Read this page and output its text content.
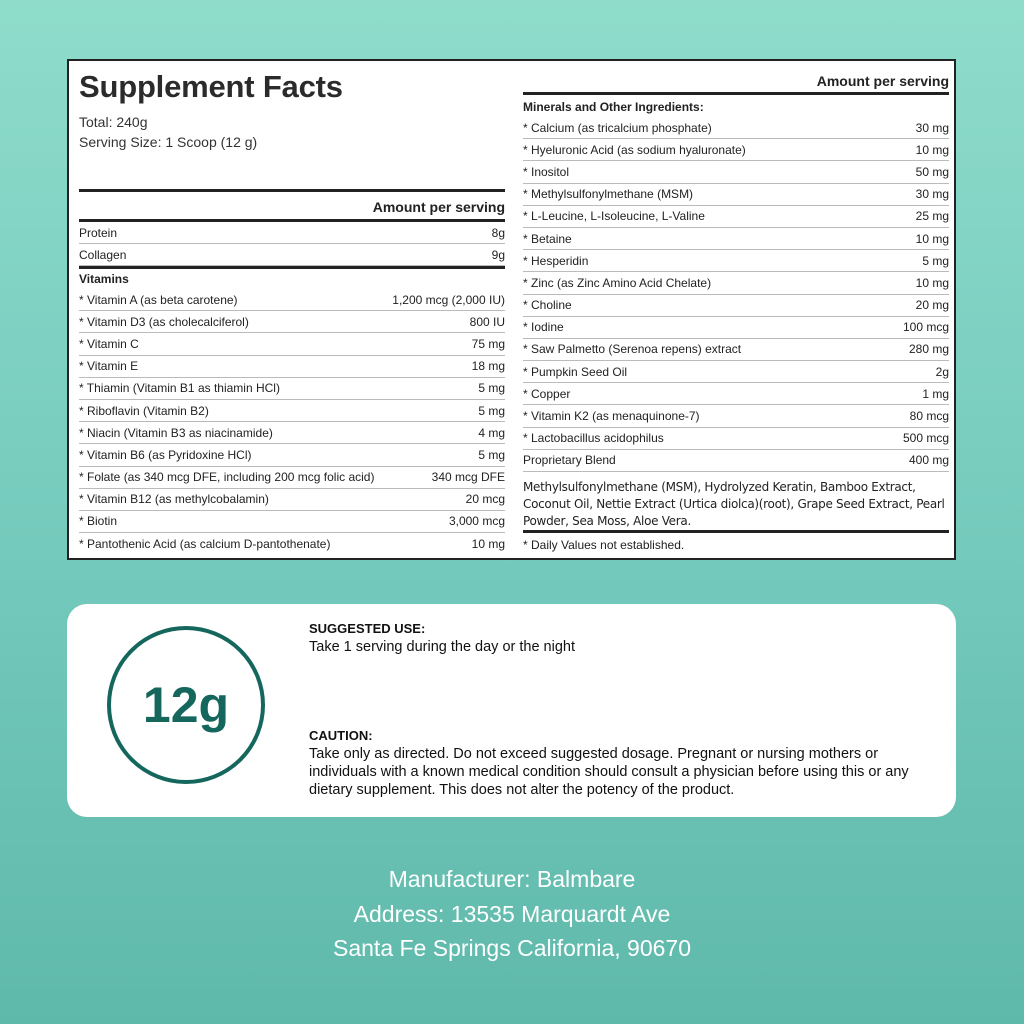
Supplement Facts
Total: 240g
Serving Size: 1 Scoop (12 g)
Amount per serving
Protein	8g
Collagen	9g
Vitamins
* Vitamin A (as beta carotene)	1,200 mcg (2,000 IU)
* Vitamin D3 (as cholecalciferol)	800 IU
* Vitamin C	75 mg
* Vitamin E	18 mg
* Thiamin (Vitamin B1 as thiamin HCl)	5 mg
* Riboflavin (Vitamin B2)	5 mg
* Niacin (Vitamin B3 as niacinamide)	4 mg
* Vitamin B6 (as Pyridoxine HCl)	5 mg
* Folate (as 340 mcg DFE, including 200 mcg folic acid)	340 mcg DFE
* Vitamin B12 (as methylcobalamin)	20 mcg
* Biotin	3,000 mcg
* Pantothenic Acid (as calcium D-pantothenate)	10 mg
Amount per serving
Minerals and Other Ingredients:
* Calcium (as tricalcium phosphate)	30 mg
* Hyeluronic Acid (as sodium hyaluronate)	10 mg
* Inositol	50 mg
* Methylsulfonylmethane (MSM)	30 mg
* L-Leucine, L-Isoleucine, L-Valine	25 mg
* Betaine	10 mg
* Hesperidin	5 mg
* Zinc (as Zinc Amino Acid Chelate)	10 mg
* Choline	20 mg
* Iodine	100 mcg
* Saw Palmetto (Serenoa repens) extract	280 mg
* Pumpkin Seed Oil	2g
* Copper	1 mg
* Vitamin K2 (as menaquinone-7)	80 mcg
* Lactobacillus acidophilus	500 mcg
Proprietary Blend	400 mg
Methylsulfonylmethane (MSM), Hydrolyzed Keratin, Bamboo Extract, Coconut Oil, Nettie Extract (Urtica diolca)(root), Grape Seed Extract, Pearl Powder, Sea Moss, Aloe Vera.
* Daily Values not established.
12g
SUGGESTED USE:
Take 1 serving during the day or the night
CAUTION:
Take only as directed. Do not exceed suggested dosage. Pregnant or nursing mothers or individuals with a known medical condition should consult a physician before using this or any dietary supplement. This does not alter the potency of the product.
Manufacturer: Balmbare
Address: 13535 Marquardt Ave
Santa Fe Springs California, 90670
